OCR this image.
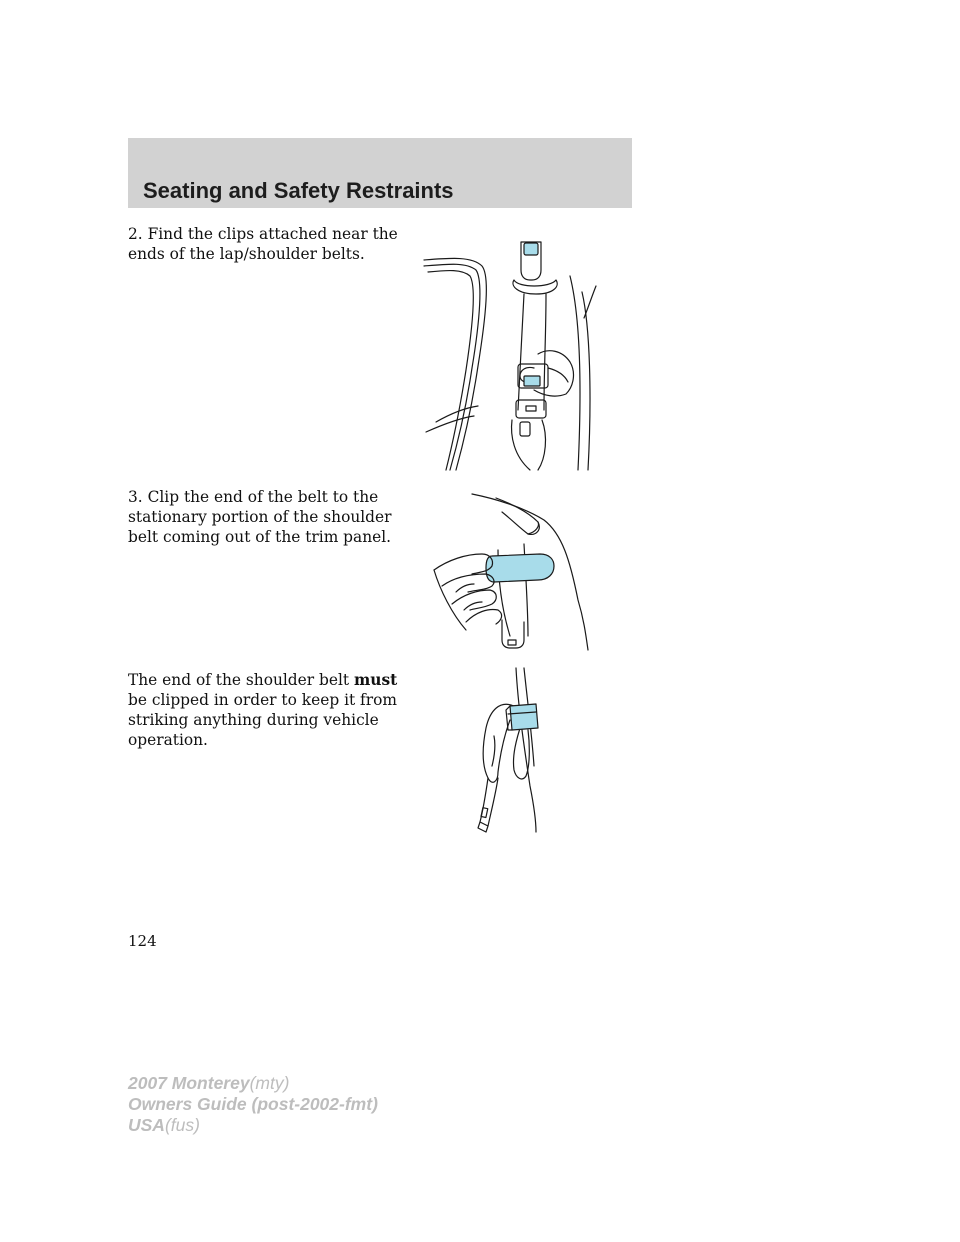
Seating and Safety Restraints

2. Find the clips attached near the ends of the lap/shoulder belts.

3. Clip the end of the belt to the stationary portion of the shoulder belt coming out of the trim panel.

The end of the shoulder belt must be clipped in order to keep it from striking anything during vehicle operation.

124
2007 Monterey(mty)
Owners Guide (post-2002-fmt)
USA(fus)
